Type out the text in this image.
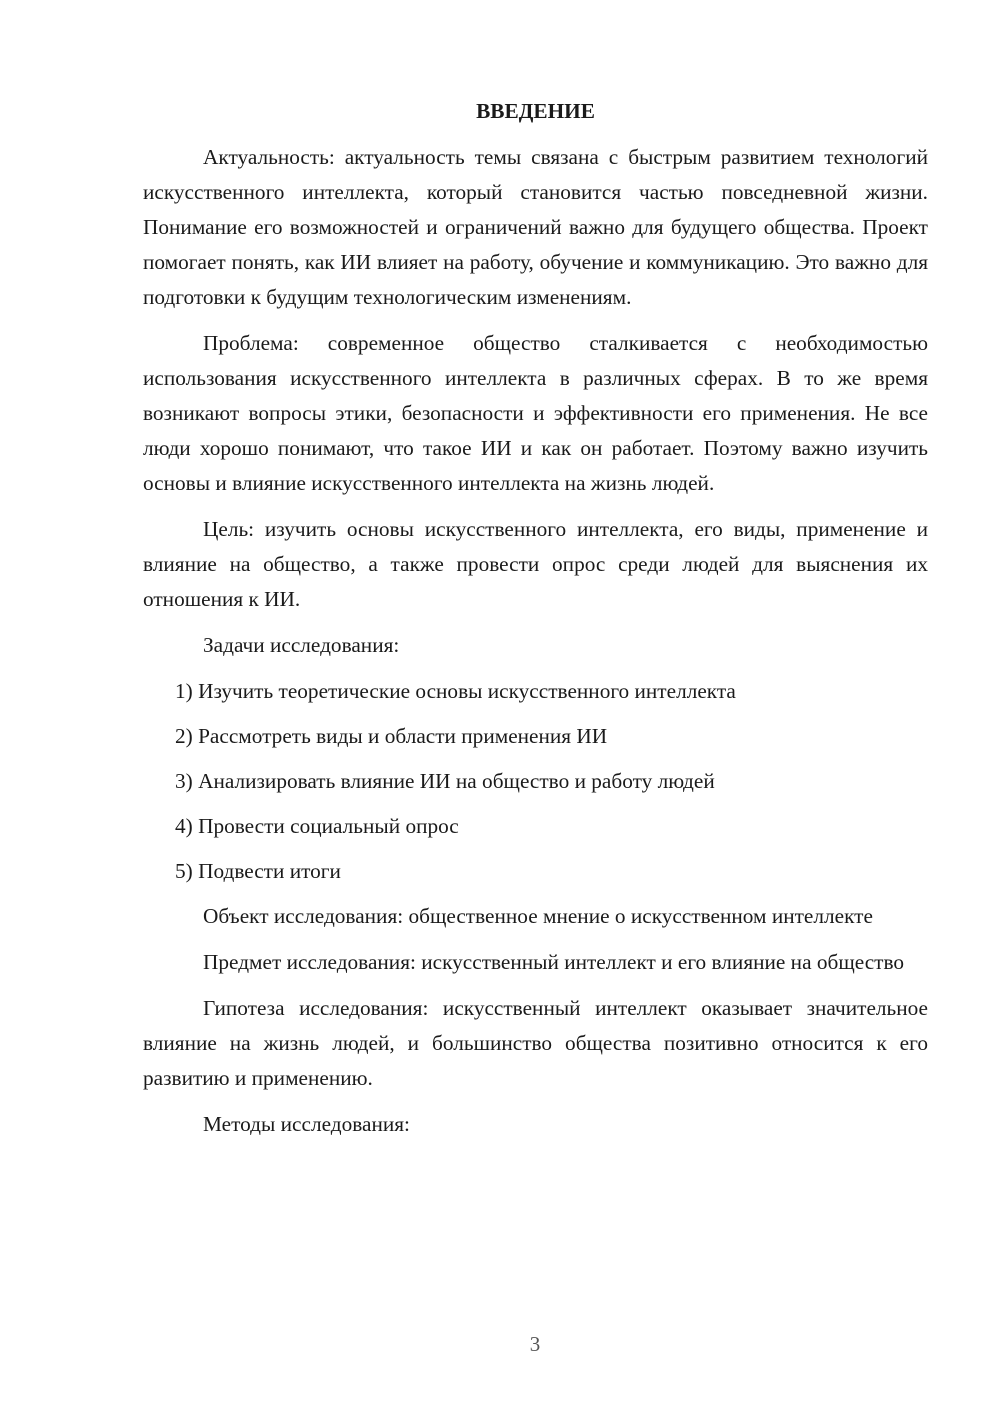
ВВЕДЕНИЕ

Актуальность: актуальность темы связана с быстрым развитием технологий искусственного интеллекта, который становится частью повседневной жизни. Понимание его возможностей и ограничений важно для будущего общества. Проект помогает понять, как ИИ влияет на работу, обучение и коммуникацию. Это важно для подготовки к будущим технологическим изменениям.

Проблема: современное общество сталкивается с необходимостью использования искусственного интеллекта в различных сферах. В то же время возникают вопросы этики, безопасности и эффективности его применения. Не все люди хорошо понимают, что такое ИИ и как он работает. Поэтому важно изучить основы и влияние искусственного интеллекта на жизнь людей.

Цель: изучить основы искусственного интеллекта, его виды, применение и влияние на общество, а также провести опрос среди людей для выяснения их отношения к ИИ.

Задачи исследования:

1) Изучить теоретические основы искусственного интеллекта
2) Рассмотреть виды и области применения ИИ
3) Анализировать влияние ИИ на общество и работу людей
4) Провести социальный опрос
5) Подвести итоги

Объект исследования: общественное мнение о искусственном интеллекте

Предмет исследования: искусственный интеллект и его влияние на общество

Гипотеза исследования: искусственный интеллект оказывает значительное влияние на жизнь людей, и большинство общества позитивно относится к его развитию и применению.

Методы исследования:

3
